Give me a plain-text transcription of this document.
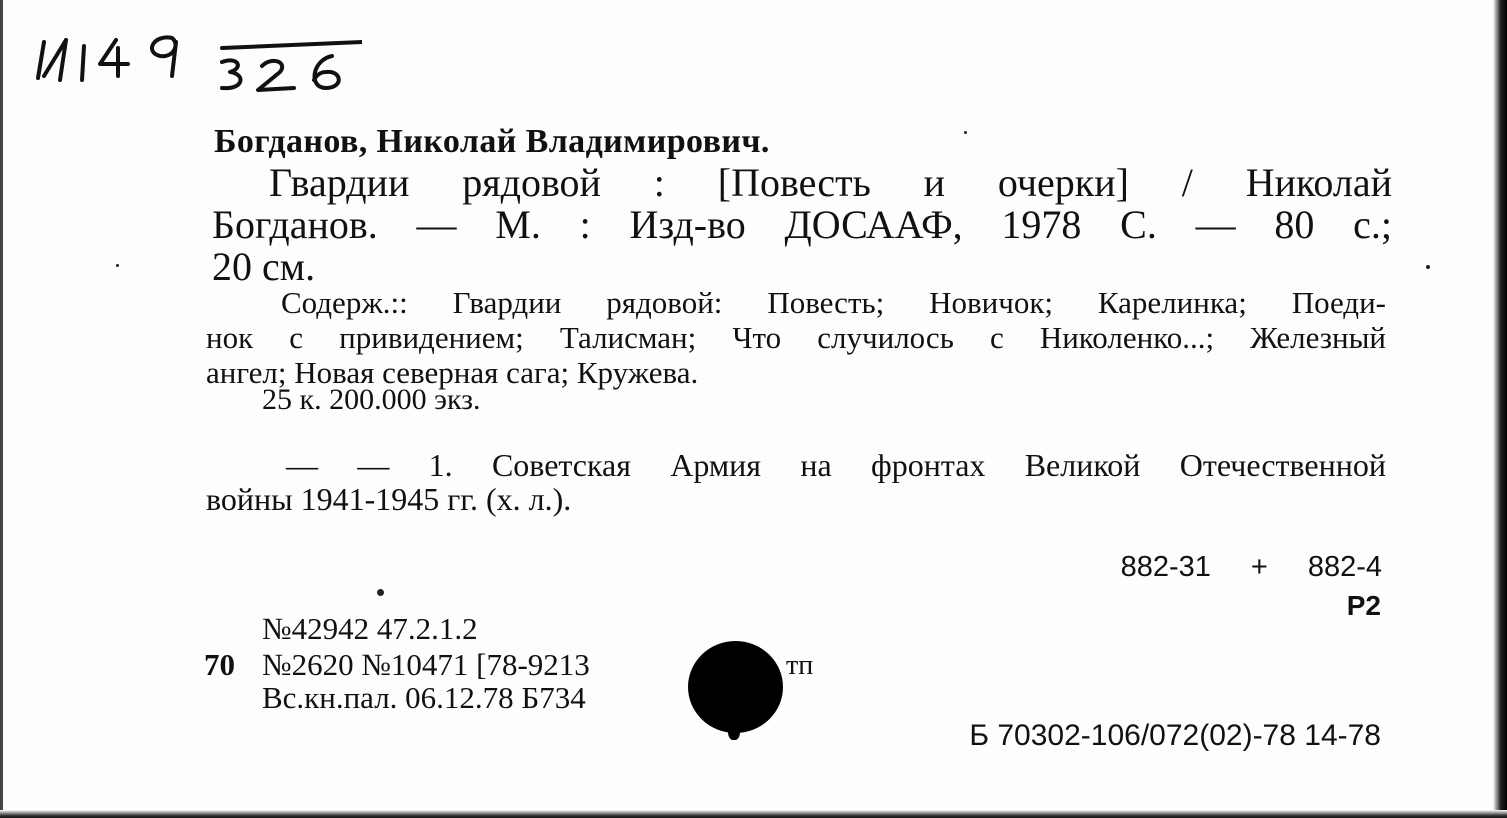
Богданов, Николай Владимирович.
Гвардии рядовой : [Повесть и очерки] / Николай
Богданов. — М. : Изд-во ДОСААФ, 1978 С. — 80 с.;
20 см.
Содерж.:: Гвардии рядовой: Повесть; Новичок; Карелинка; Поеди-
нок с привидением; Талисман; Что случилось с Николенко...; Железный
ангел; Новая северная сага; Кружева.
25 к. 200.000 экз.
— — 1. Советская Армия на фронтах Великой Отечественной
войны 1941-1945 гг. (х. л.).
882-31 + 882-4
Р2
№42942 47.2.1.2
70 №2620 №10471 [78-9213	тп
Вс.кн.пал. 06.12.78 Б734
Б 70302-106/072(02)-78 14-78
